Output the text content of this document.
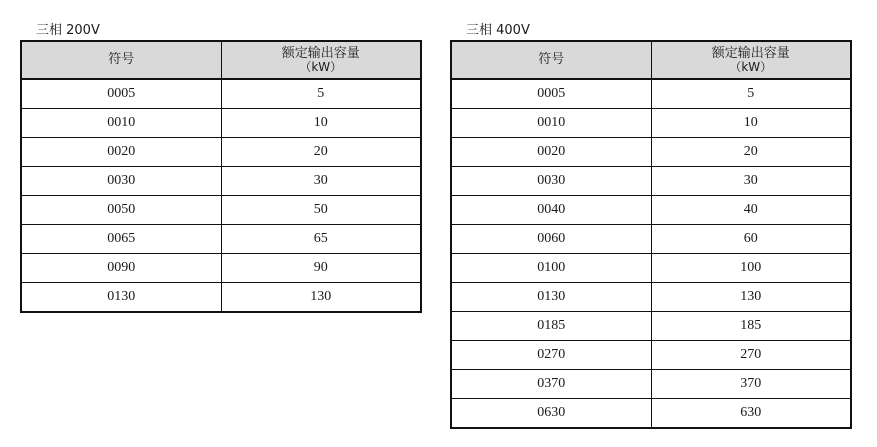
三相 200V
符号	额定输出容量
（kW）

0005	5
0010	10
0020	20
0030	30
0050	50
0065	65
0090	90
0130	130
三相 400V
符号	额定输出容量
（kW）

0005	5
0010	10
0020	20
0030	30
0040	40
0060	60
0100	100
0130	130
0185	185
0270	270
0370	370
0630	630
